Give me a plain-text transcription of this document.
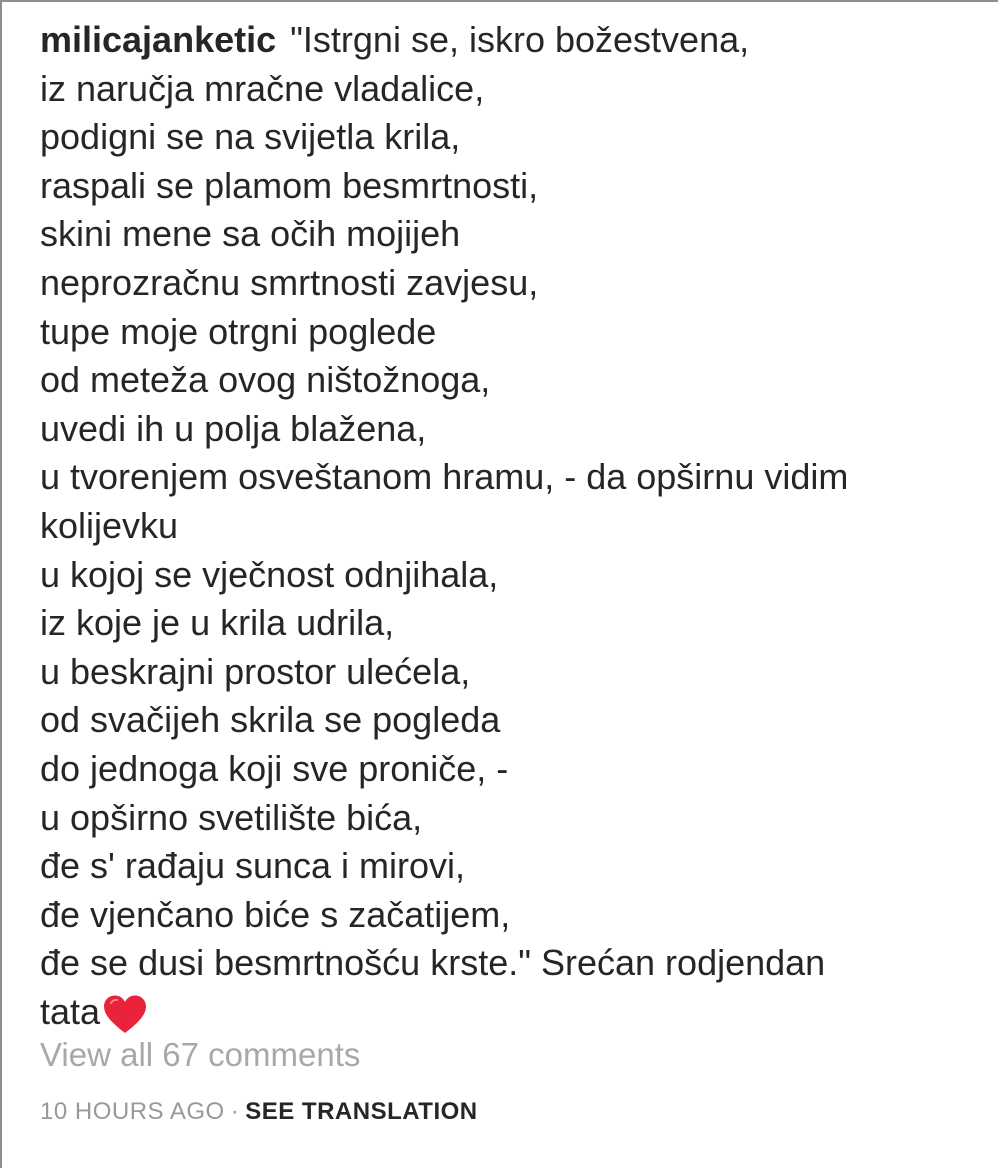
milicajanketic "Istrgni se, iskro božestvena,
iz naručja mračne vladalice,
podigni se na svijetla krila,
raspali se plamom besmrtnosti,
skini mene sa očih mojijeh
neprozračnu smrtnosti zavjesu,
tupe moje otrgni poglede
od meteža ovog ništožnoga,
uvedi ih u polja blažena,
u tvorenjem osveštanom hramu, - da opširnu vidim
kolijevku
u kojoj se vječnost odnjihala,
iz koje je u krila udrila,
u beskrajni prostor ulećela,
od svačijeh skrila se pogleda
do jednoga koji sve proniče, -
u opširno svetilište bića,
đe s' rađaju sunca i mirovi,
đe vjenčano biće s začatijem,
đe se dusi besmrtnošću krste." Srećan rodjendan
tata
View all 67 comments
10 HOURS AGO · SEE TRANSLATION
